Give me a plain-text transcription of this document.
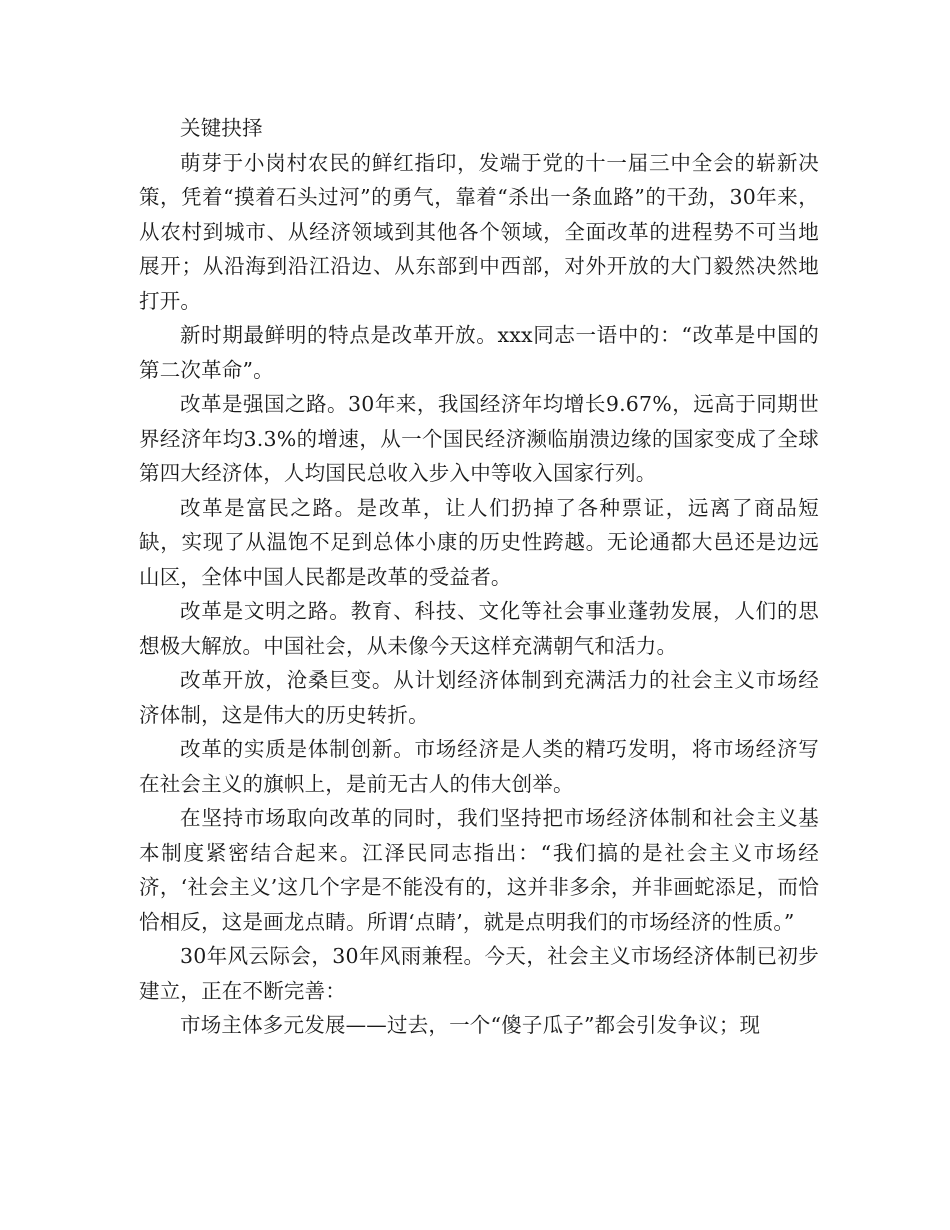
关键抉择

萌芽于小岗村农民的鲜红指印，发端于党的十一届三中全会的崭新决策，凭着“摸着石头过河”的勇气，靠着“杀出一条血路”的干劲，30年来，从农村到城市、从经济领域到其他各个领域，全面改革的进程势不可当地展开；从沿海到沿江沿边、从东部到中西部，对外开放的大门毅然决然地打开。

新时期最鲜明的特点是改革开放。xxx同志一语中的：“改革是中国的第二次革命”。

改革是强国之路。30年来，我国经济年均增长9.67%，远高于同期世界经济年均3.3%的增速，从一个国民经济濒临崩溃边缘的国家变成了全球第四大经济体，人均国民总收入步入中等收入国家行列。

改革是富民之路。是改革，让人们扔掉了各种票证，远离了商品短缺，实现了从温饱不足到总体小康的历史性跨越。无论通都大邑还是边远山区，全体中国人民都是改革的受益者。

改革是文明之路。教育、科技、文化等社会事业蓬勃发展，人们的思想极大解放。中国社会，从未像今天这样充满朝气和活力。

改革开放，沧桑巨变。从计划经济体制到充满活力的社会主义市场经济体制，这是伟大的历史转折。

改革的实质是体制创新。市场经济是人类的精巧发明，将市场经济写在社会主义的旗帜上，是前无古人的伟大创举。

在坚持市场取向改革的同时，我们坚持把市场经济体制和社会主义基本制度紧密结合起来。江泽民同志指出：“我们搞的是社会主义市场经济，‘社会主义’这几个字是不能没有的，这并非多余，并非画蛇添足，而恰恰相反，这是画龙点睛。所谓‘点睛’，就是点明我们的市场经济的性质。”

30年风云际会，30年风雨兼程。今天，社会主义市场经济体制已初步建立，正在不断完善：

市场主体多元发展——过去，一个“傻子瓜子”都会引发争议；现
